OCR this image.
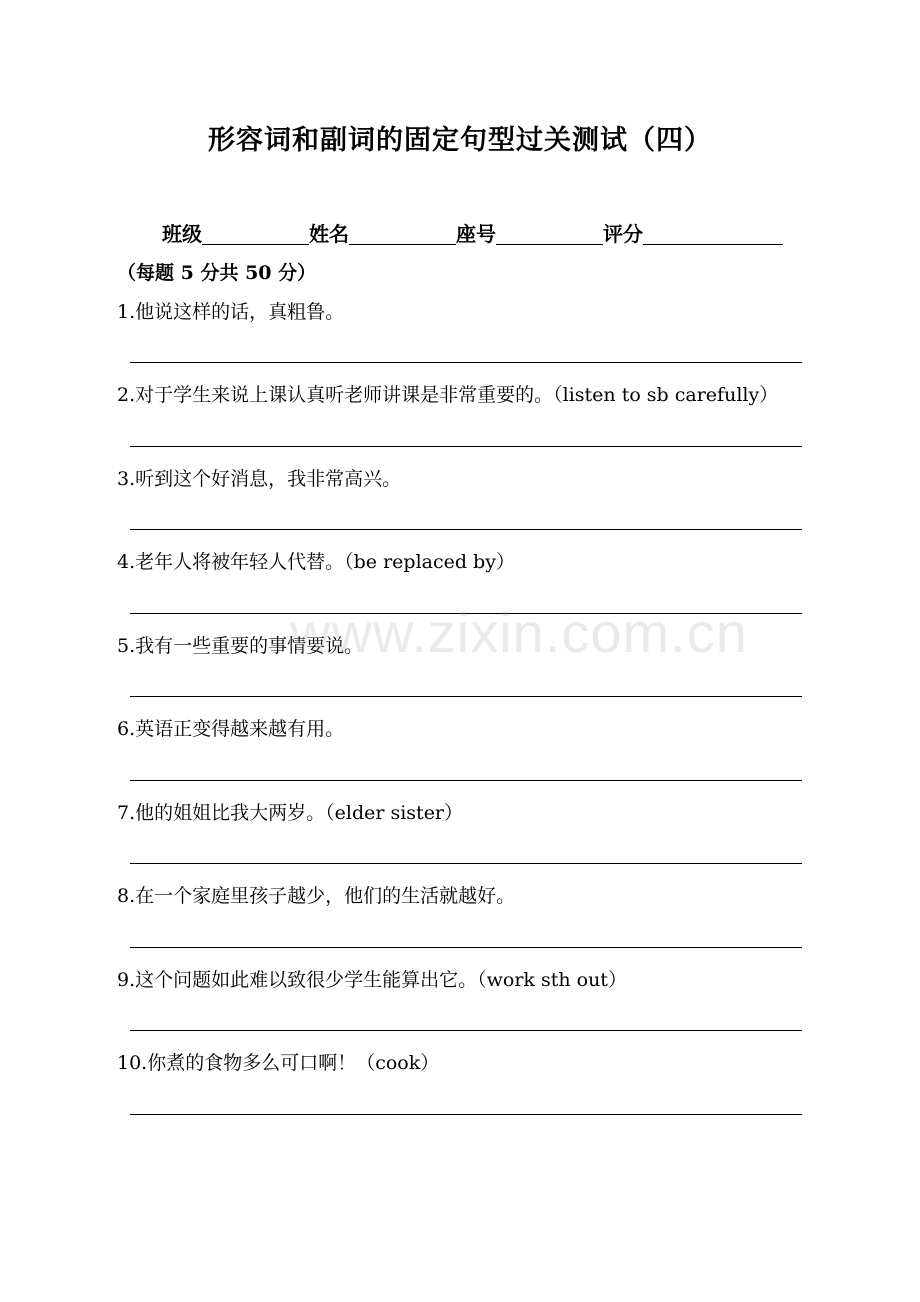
形容词和副词的固定句型过关测试（四）
班级	姓名	座号	评分
（每题 5 分共 50 分）
1.他说这样的话，真粗鲁。
2.对于学生来说上课认真听老师讲课是非常重要的。（listen to sb carefully）
3.听到这个好消息，我非常高兴。
4.老年人将被年轻人代替。（be replaced by）
5.我有一些重要的事情要说。
6.英语正变得越来越有用。
7.他的姐姐比我大两岁。（elder sister）
8.在一个家庭里孩子越少，他们的生活就越好。
9.这个问题如此难以致很少学生能算出它。（work sth out）
10.你煮的食物多么可口啊！（cook）
www.zixin.com.cn
